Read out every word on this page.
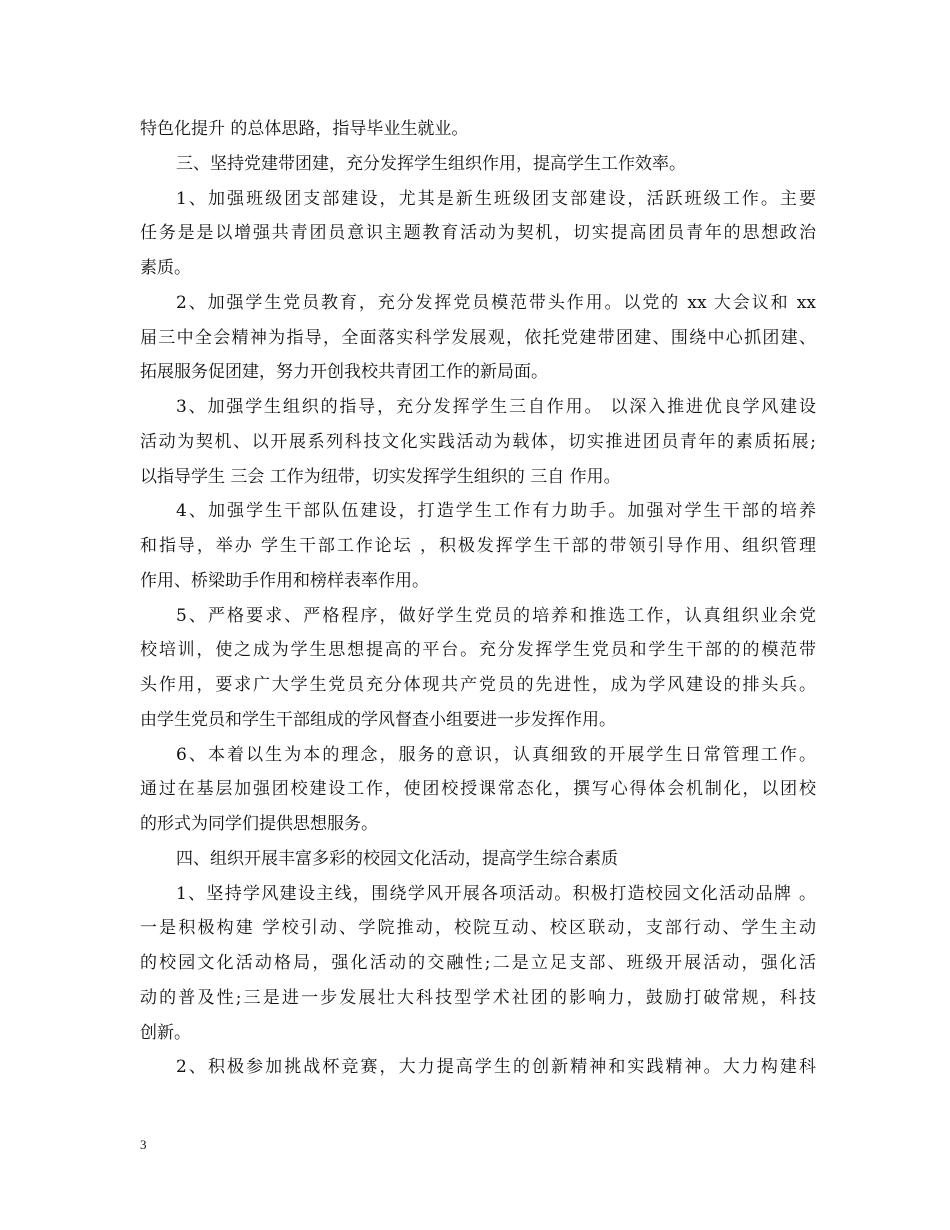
特色化提升 的总体思路，指导毕业生就业。
三、坚持党建带团建，充分发挥学生组织作用，提高学生工作效率。
1、加强班级团支部建设，尤其是新生班级团支部建设，活跃班级工作。主要
任务是是以增强共青团员意识主题教育活动为契机，切实提高团员青年的思想政治
素质。
2、加强学生党员教育，充分发挥党员模范带头作用。以党的 xx 大会议和 xx
届三中全会精神为指导，全面落实科学发展观，依托党建带团建、围绕中心抓团建、
拓展服务促团建，努力开创我校共青团工作的新局面。
3、加强学生组织的指导，充分发挥学生三自作用。 以深入推进优良学风建设
活动为契机、以开展系列科技文化实践活动为载体，切实推进团员青年的素质拓展;
以指导学生 三会 工作为纽带，切实发挥学生组织的 三自 作用。
4、加强学生干部队伍建设，打造学生工作有力助手。加强对学生干部的培养
和指导，举办 学生干部工作论坛 ，积极发挥学生干部的带领引导作用、组织管理
作用、桥梁助手作用和榜样表率作用。
5、严格要求、严格程序，做好学生党员的培养和推选工作，认真组织业余党
校培训，使之成为学生思想提高的平台。充分发挥学生党员和学生干部的的模范带
头作用，要求广大学生党员充分体现共产党员的先进性，成为学风建设的排头兵。
由学生党员和学生干部组成的学风督查小组要进一步发挥作用。
6、本着以生为本的理念，服务的意识，认真细致的开展学生日常管理工作。
通过在基层加强团校建设工作，使团校授课常态化，撰写心得体会机制化，以团校
的形式为同学们提供思想服务。
四、组织开展丰富多彩的校园文化活动，提高学生综合素质
1、坚持学风建设主线，围绕学风开展各项活动。积极打造校园文化活动品牌 。
一是积极构建 学校引动、学院推动，校院互动、校区联动，支部行动、学生主动
的校园文化活动格局，强化活动的交融性;二是立足支部、班级开展活动，强化活
动的普及性;三是进一步发展壮大科技型学术社团的影响力，鼓励打破常规，科技
创新。
2、积极参加挑战杯竞赛，大力提高学生的创新精神和实践精神。大力构建科
3
